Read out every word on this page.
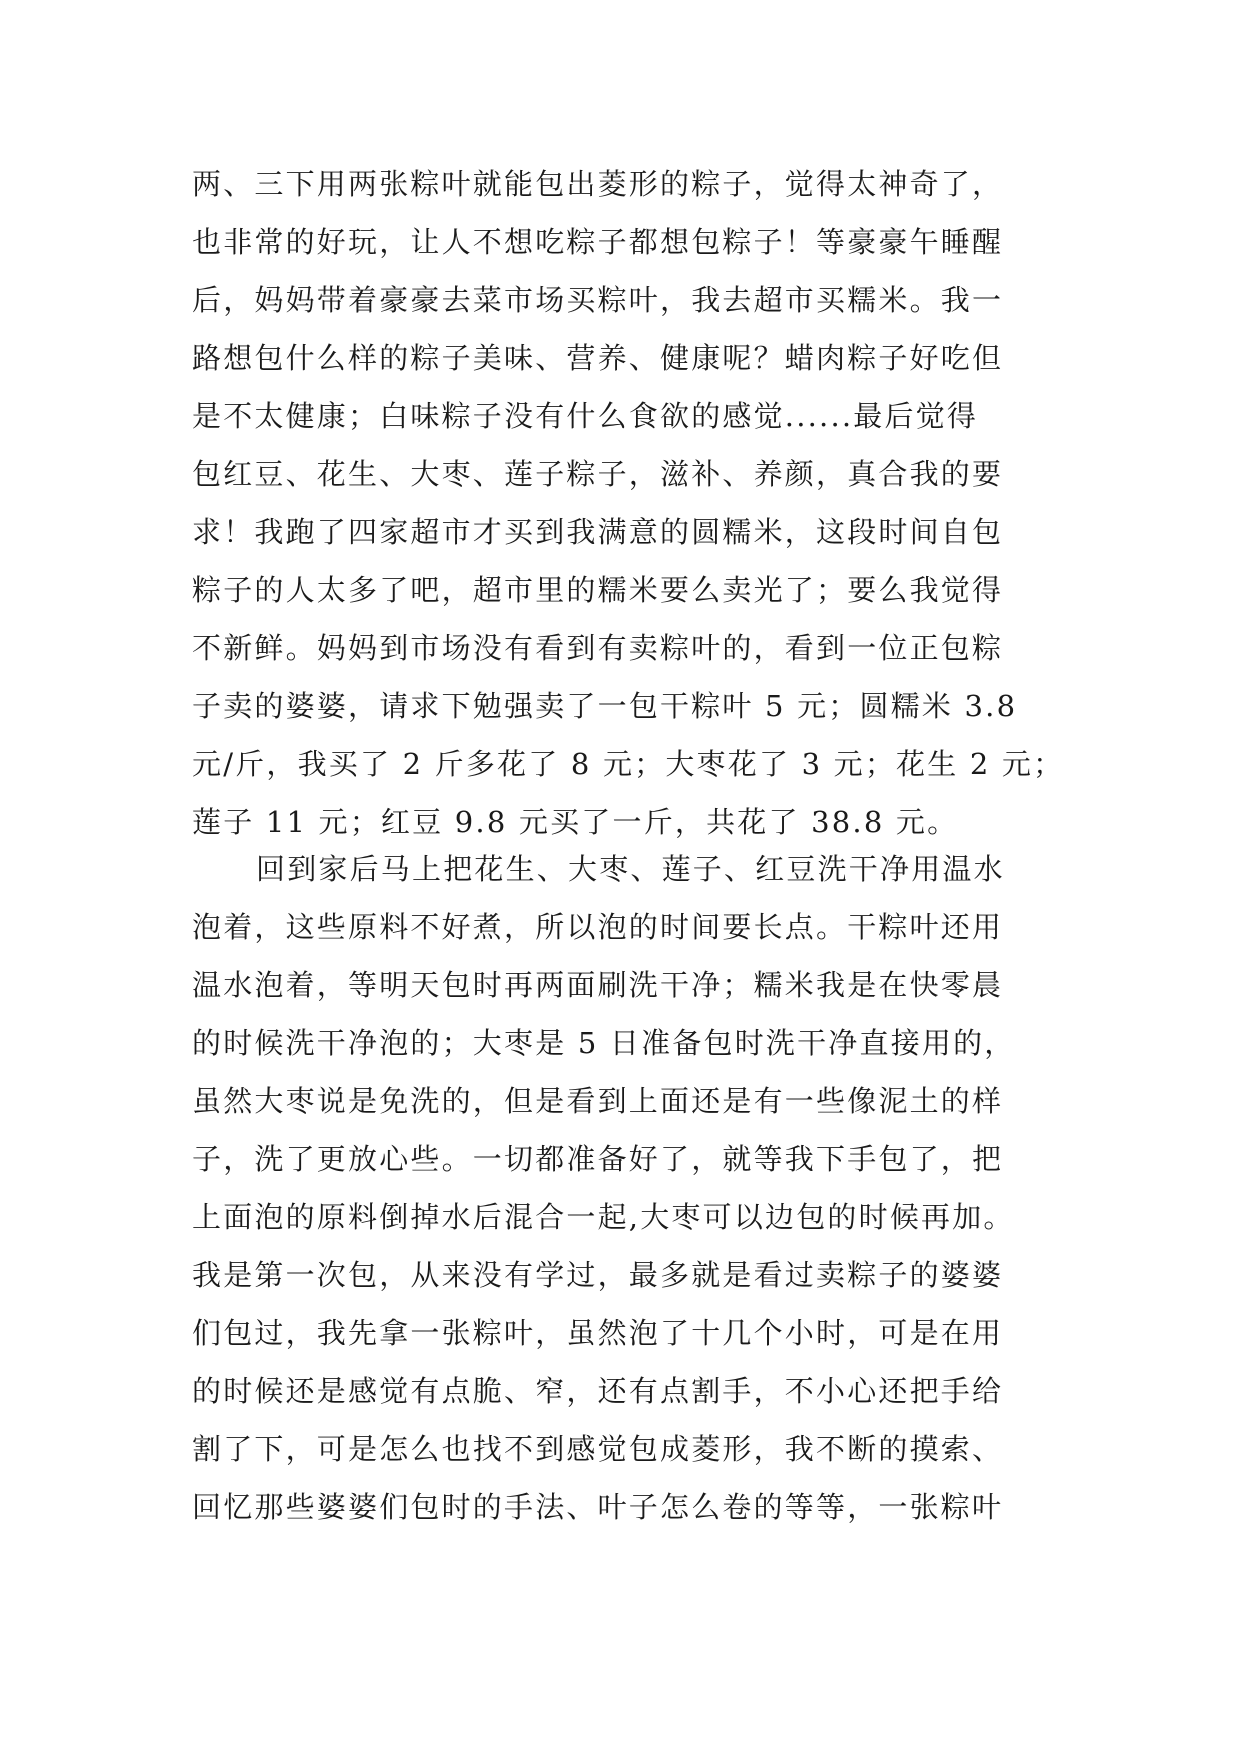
两、三下用两张粽叶就能包出菱形的粽子，觉得太神奇了，
也非常的好玩，让人不想吃粽子都想包粽子！等豪豪午睡醒
后，妈妈带着豪豪去菜市场买粽叶，我去超市买糯米。我一
路想包什么样的粽子美味、营养、健康呢？蜡肉粽子好吃但
是不太健康；白味粽子没有什么食欲的感觉......最后觉得
包红豆、花生、大枣、莲子粽子，滋补、养颜，真合我的要
求！我跑了四家超市才买到我满意的圆糯米，这段时间自包
粽子的人太多了吧，超市里的糯米要么卖光了；要么我觉得
不新鲜。妈妈到市场没有看到有卖粽叶的，看到一位正包粽
子卖的婆婆，请求下勉强卖了一包干粽叶 5 元；圆糯米 3.8
元/斤，我买了 2 斤多花了 8 元；大枣花了 3 元；花生 2 元；
莲子 11 元；红豆 9.8 元买了一斤，共花了 38.8 元。
回到家后马上把花生、大枣、莲子、红豆洗干净用温水
泡着，这些原料不好煮，所以泡的时间要长点。干粽叶还用
温水泡着，等明天包时再两面刷洗干净；糯米我是在快零晨
的时候洗干净泡的；大枣是 5 日准备包时洗干净直接用的，
虽然大枣说是免洗的，但是看到上面还是有一些像泥土的样
子，洗了更放心些。一切都准备好了，就等我下手包了，把
上面泡的原料倒掉水后混合一起,大枣可以边包的时候再加。
我是第一次包，从来没有学过，最多就是看过卖粽子的婆婆
们包过，我先拿一张粽叶，虽然泡了十几个小时，可是在用
的时候还是感觉有点脆、窄，还有点割手，不小心还把手给
割了下，可是怎么也找不到感觉包成菱形，我不断的摸索、
回忆那些婆婆们包时的手法、叶子怎么卷的等等，一张粽叶
